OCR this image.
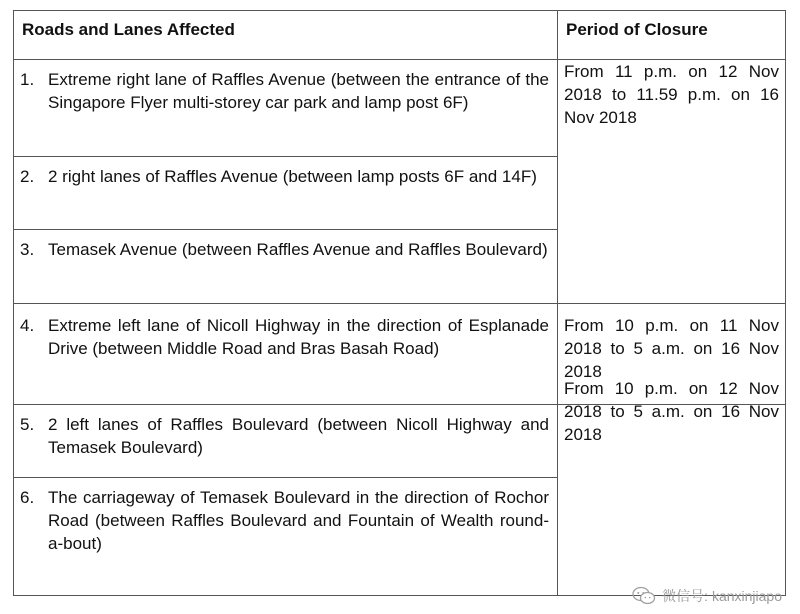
Roads and Lanes Affected	Period of Closure

1. Extreme right lane of Raffles Avenue (between the entrance of the Singapore Flyer multi-storey car park and lamp post 6F)	From 11 p.m. on 12 Nov 2018 to 11.59 p.m. on 16 Nov 2018

2. 2 right lanes of Raffles Avenue (between lamp posts 6F and 14F)	

3. Temasek Avenue (between Raffles Avenue and Raffles Boulevard)	

4. Extreme left lane of Nicoll Highway in the direction of Esplanade Drive (between Middle Road and Bras Basah Road)	From 10 p.m. on 11 Nov 2018 to 5 a.m. on 16 Nov 2018

5. 2 left lanes of Raffles Boulevard (between Nicoll Highway and Temasek Boulevard)	From 10 p.m. on 12 Nov 2018 to 5 a.m. on 16 Nov 2018

6. The carriageway of Temasek Boulevard in the direction of Rochor Road (between Raffles Boulevard and Fountain of Wealth round-a-bout)	
微信号: kanxinjiapo
